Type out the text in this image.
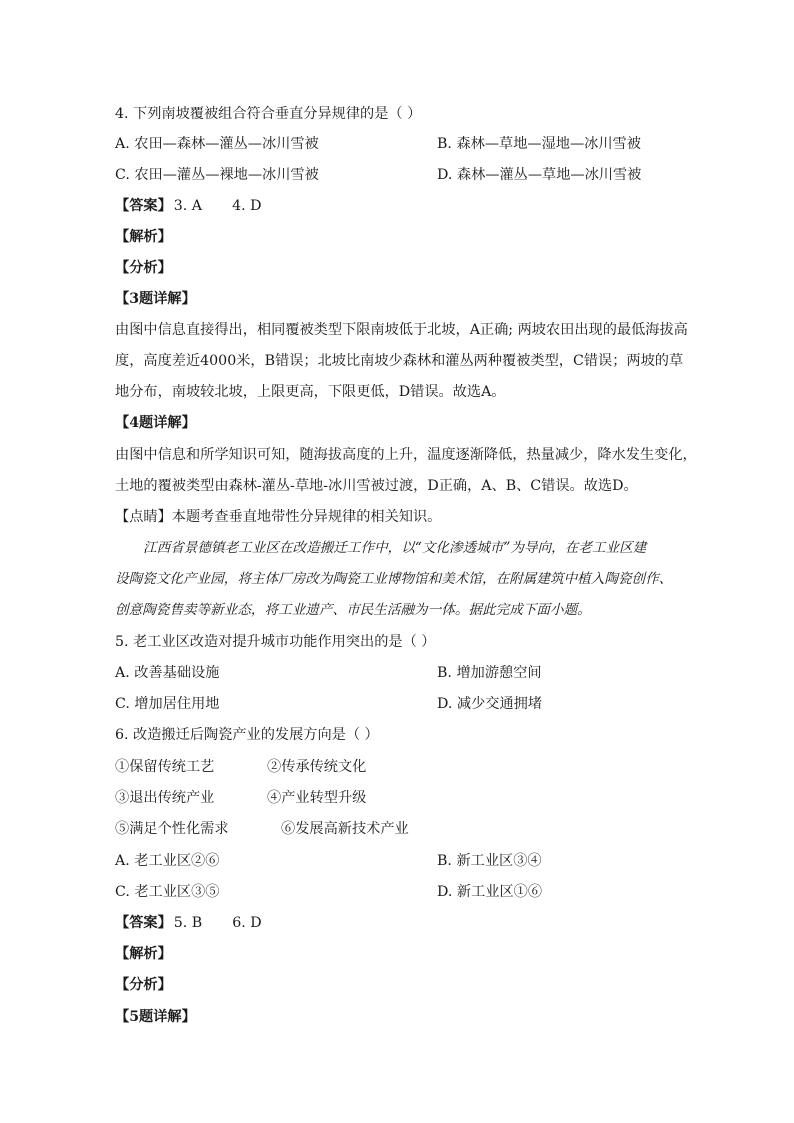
4. 下列南坡覆被组合符合垂直分异规律的是（ ）
A. 农田—森林—灌丛—冰川雪被	B. 森林—草地—湿地—冰川雪被
C. 农田—灌丛—裸地—冰川雪被	D. 森林—灌丛—草地—冰川雪被
【答案】 3. A 4. D
【解析】
【分析】
【3题详解】
由图中信息直接得出，相同覆被类型下限南坡低于北坡，A正确; 两坡农田出现的最低海拔高
度，高度差近4000米，B错误；北坡比南坡少森林和灌丛两种覆被类型，C错误；两坡的草
地分布，南坡较北坡，上限更高，下限更低，D错误。故选A。
【4题详解】
由图中信息和所学知识可知，随海拔高度的上升，温度逐渐降低，热量减少，降水发生变化，
土地的覆被类型由森林-灌丛-草地-冰川雪被过渡，D正确，A、B、C错误。故选D。
【点睛】本题考查垂直地带性分异规律的相关知识。
江西省景德镇老工业区在改造搬迁工作中，以“文化渗透城市”为导向，在老工业区建
设陶瓷文化产业园，将主体厂房改为陶瓷工业博物馆和美术馆，在附属建筑中植入陶瓷创作、
创意陶瓷售卖等新业态，将工业遗产、市民生活融为一体。据此完成下面小题。
5. 老工业区改造对提升城市功能作用突出的是（ ）
A. 改善基础设施	B. 增加游憩空间
C. 增加居住用地	D. 减少交通拥堵
6. 改造搬迁后陶瓷产业的发展方向是（ ）
①保留传统工艺	②传承传统文化
③退出传统产业	④产业转型升级
⑤满足个性化需求	⑥发展高新技术产业
A. 老工业区②⑥	B. 新工业区③④
C. 老工业区③⑤	D. 新工业区①⑥
【答案】 5. B 6. D
【解析】
【分析】
【5题详解】
